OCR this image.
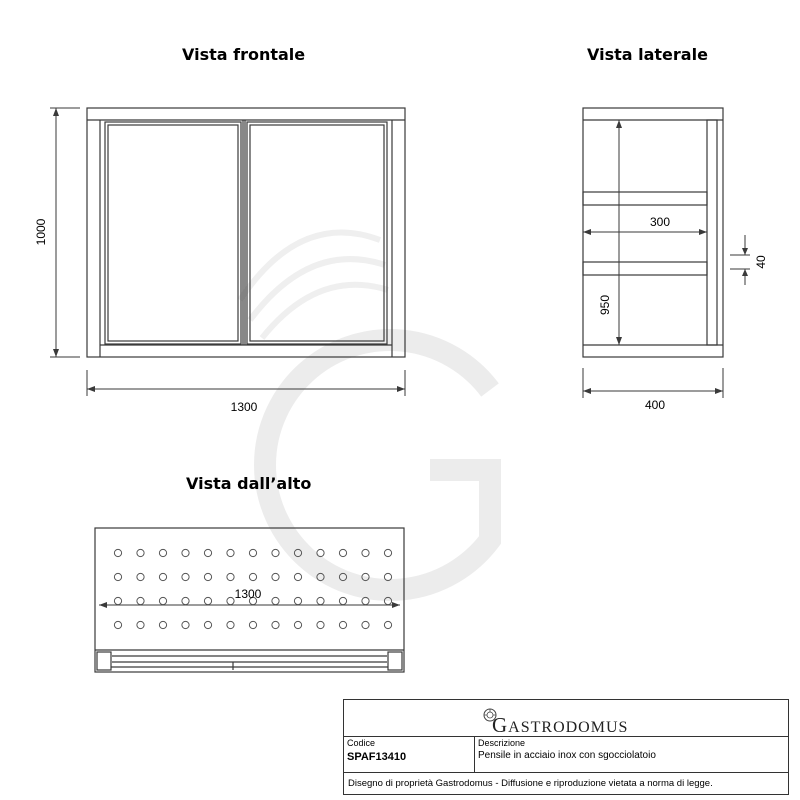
Vista frontale	Vista laterale
Vista dall’alto
1000
1300
300
40
950
400
1300
GASTRODOMUS
Codice
SPAF13410
Descrizione
Pensile in acciaio inox con sgocciolatoio
Disegno di proprietà Gastrodomus - Diffusione e riproduzione vietata a norma di legge.
